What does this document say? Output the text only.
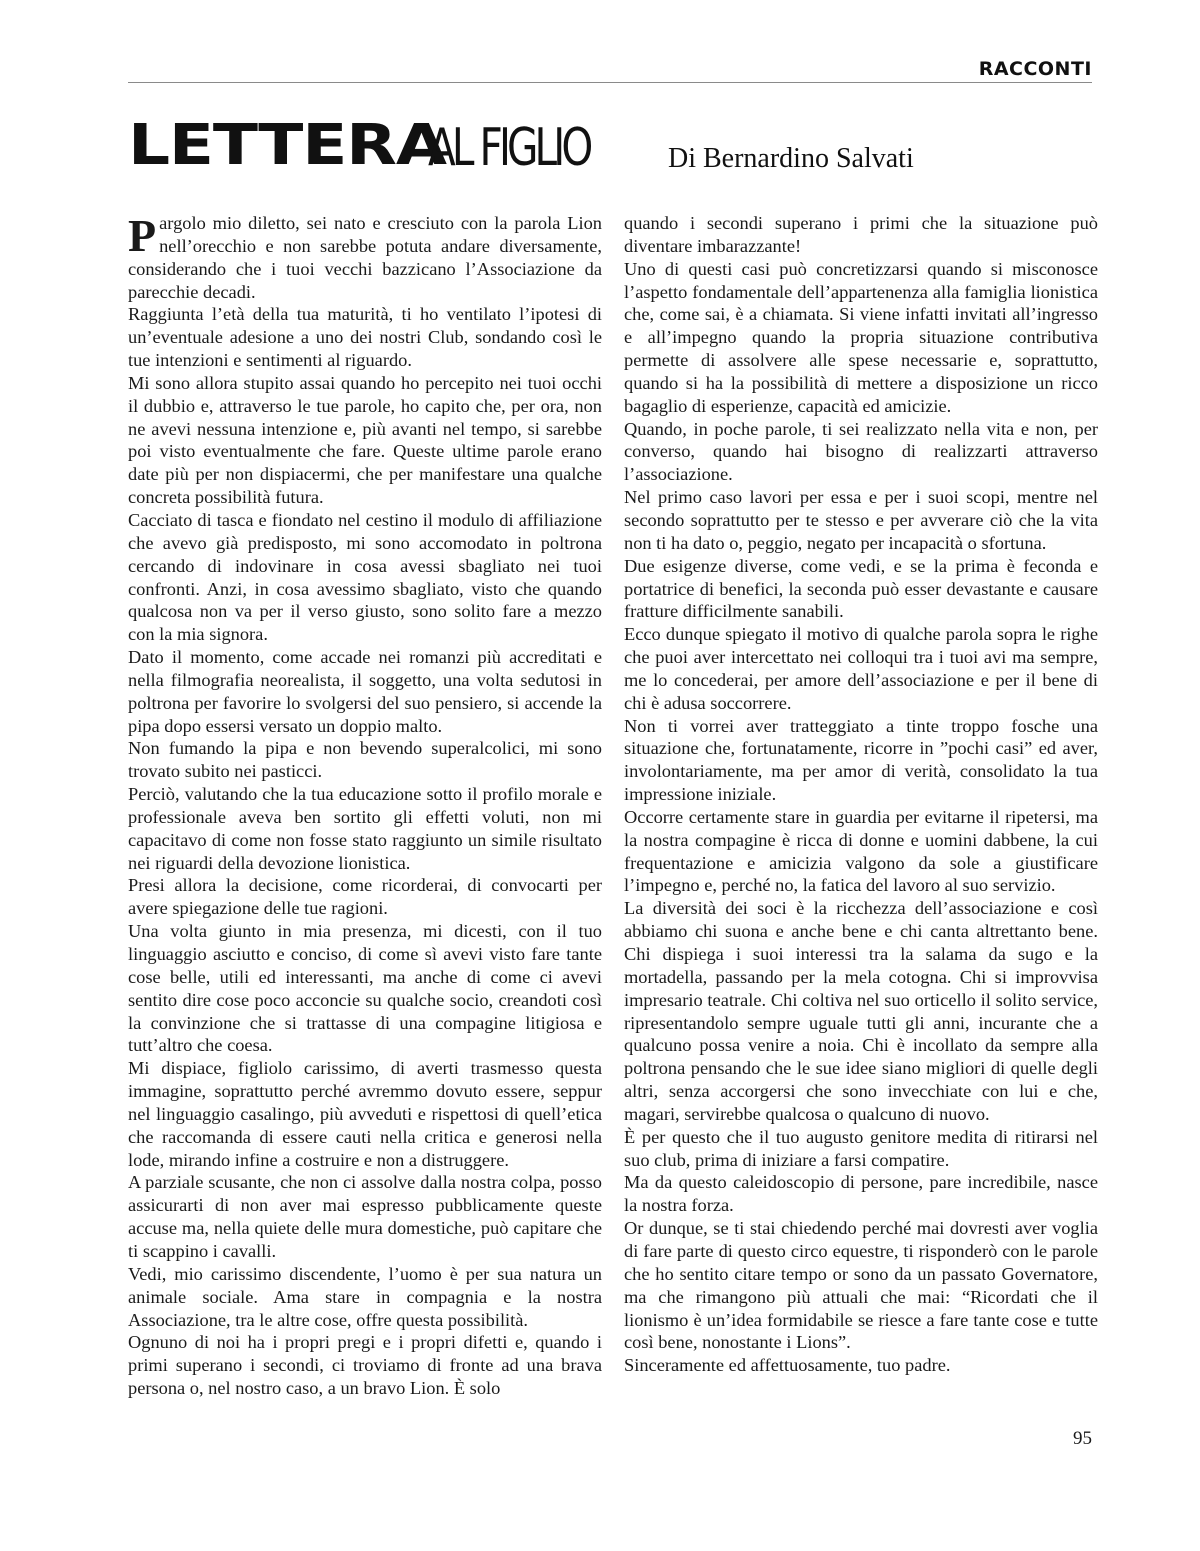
RACCONTI
LETTERA
AL FIGLIO	Di Bernardino Salvati

Pargolo mio diletto, sei nato e cresciuto con la parola Lion nell’orecchio e non sarebbe potuta andare diversamente, considerando che i tuoi vecchi bazzicano l’Associazione da parecchie decadi.

Raggiunta l’età della tua maturità, ti ho ventilato l’ipotesi di un’eventuale adesione a uno dei nostri Club, sondando così le tue intenzioni e sentimenti al riguardo.

Mi sono allora stupito assai quando ho percepito nei tuoi occhi il dubbio e, attraverso le tue parole, ho capito che, per ora, non ne avevi nessuna intenzione e, più avanti nel tempo, si sarebbe poi visto eventualmente che fare. Queste ultime parole erano date più per non dispiacermi, che per manifestare una qualche concreta possibilità futura.

Cacciato di tasca e fiondato nel cestino il modulo di affiliazione che avevo già predisposto, mi sono accomodato in poltrona cercando di indovinare in cosa avessi sbagliato nei tuoi confronti. Anzi, in cosa avessimo sbagliato, visto che quando qualcosa non va per il verso giusto, sono solito fare a mezzo con la mia signora.

Dato il momento, come accade nei romanzi più accreditati e nella filmografia neorealista, il soggetto, una volta sedutosi in poltrona per favorire lo svolgersi del suo pensiero, si accende la pipa dopo essersi versato un doppio malto.

Non fumando la pipa e non bevendo superalcolici, mi sono trovato subito nei pasticci.

Perciò, valutando che la tua educazione sotto il profilo morale e professionale aveva ben sortito gli effetti voluti, non mi capacitavo di come non fosse stato raggiunto un simile risultato nei riguardi della devozione lionistica.

Presi allora la decisione, come ricorderai, di convocarti per avere spiegazione delle tue ragioni.

Una volta giunto in mia presenza, mi dicesti, con il tuo linguaggio asciutto e conciso, di come sì avevi visto fare tante cose belle, utili ed interessanti, ma anche di come ci avevi sentito dire cose poco acconcie su qualche socio, creandoti così la convinzione che si trattasse di una compagine litigiosa e tutt’altro che coesa.

Mi dispiace, figliolo carissimo, di averti trasmesso questa immagine, soprattutto perché avremmo dovuto essere, seppur nel linguaggio casalingo, più avveduti e rispettosi di quell’etica che raccomanda di essere cauti nella critica e generosi nella lode, mirando infine a costruire e non a distruggere.

A parziale scusante, che non ci assolve dalla nostra colpa, posso assicurarti di non aver mai espresso pubblicamente queste accuse ma, nella quiete delle mura domestiche, può capitare che ti scappino i cavalli.

Vedi, mio carissimo discendente, l’uomo è per sua natura un animale sociale. Ama stare in compagnia e la nostra Associazione, tra le altre cose, offre questa possibilità.

Ognuno di noi ha i propri pregi e i propri difetti e, quando i primi superano i secondi, ci troviamo di fronte ad una brava persona o, nel nostro caso, a un bravo Lion. È solo

quando i secondi superano i primi che la situazione può diventare imbarazzante!

Uno di questi casi può concretizzarsi quando si misconosce l’aspetto fondamentale dell’appartenenza alla famiglia lionistica che, come sai, è a chiamata. Si viene infatti invitati all’ingresso e all’impegno quando la propria situazione contributiva permette di assolvere alle spese necessarie e, soprattutto, quando si ha la possibilità di mettere a disposizione un ricco bagaglio di esperienze, capacità ed amicizie.

Quando, in poche parole, ti sei realizzato nella vita e non, per converso, quando hai bisogno di realizzarti attraverso l’associazione.

Nel primo caso lavori per essa e per i suoi scopi, mentre nel secondo soprattutto per te stesso e per avverare ciò che la vita non ti ha dato o, peggio, negato per incapacità o sfortuna.

Due esigenze diverse, come vedi, e se la prima è feconda e portatrice di benefici, la seconda può esser devastante e causare fratture difficilmente sanabili.

Ecco dunque spiegato il motivo di qualche parola sopra le righe che puoi aver intercettato nei colloqui tra i tuoi avi ma sempre, me lo concederai, per amore dell’associazione e per il bene di chi è adusa soccorrere.

Non ti vorrei aver tratteggiato a tinte troppo fosche una situazione che, fortunatamente, ricorre in ”pochi casi” ed aver, involontariamente, ma per amor di verità, consolidato la tua impressione iniziale.

Occorre certamente stare in guardia per evitarne il ripetersi, ma la nostra compagine è ricca di donne e uomini dabbene, la cui frequentazione e amicizia valgono da sole a giustificare l’impegno e, perché no, la fatica del lavoro al suo servizio.

La diversità dei soci è la ricchezza dell’associazione e così abbiamo chi suona e anche bene e chi canta altrettanto bene. Chi dispiega i suoi interessi tra la salama da sugo e la mortadella, passando per la mela cotogna. Chi si improvvisa impresario teatrale. Chi coltiva nel suo orticello il solito service, ripresentandolo sempre uguale tutti gli anni, incurante che a qualcuno possa venire a noia. Chi è incollato da sempre alla poltrona pensando che le sue idee siano migliori di quelle degli altri, senza accorgersi che sono invecchiate con lui e che, magari, servirebbe qualcosa o qualcuno di nuovo.

È per questo che il tuo augusto genitore medita di ritirarsi nel suo club, prima di iniziare a farsi compatire.

Ma da questo caleidoscopio di persone, pare incredibile, nasce la nostra forza.

Or dunque, se ti stai chiedendo perché mai dovresti aver voglia di fare parte di questo circo equestre, ti risponderò con le parole che ho sentito citare tempo or sono da un passato Governatore, ma che rimangono più attuali che mai: “Ricordati che il lionismo è un’idea formidabile se riesce a fare tante cose e tutte così bene, nonostante i Lions”.

Sinceramente ed affettuosamente, tuo padre.

95
